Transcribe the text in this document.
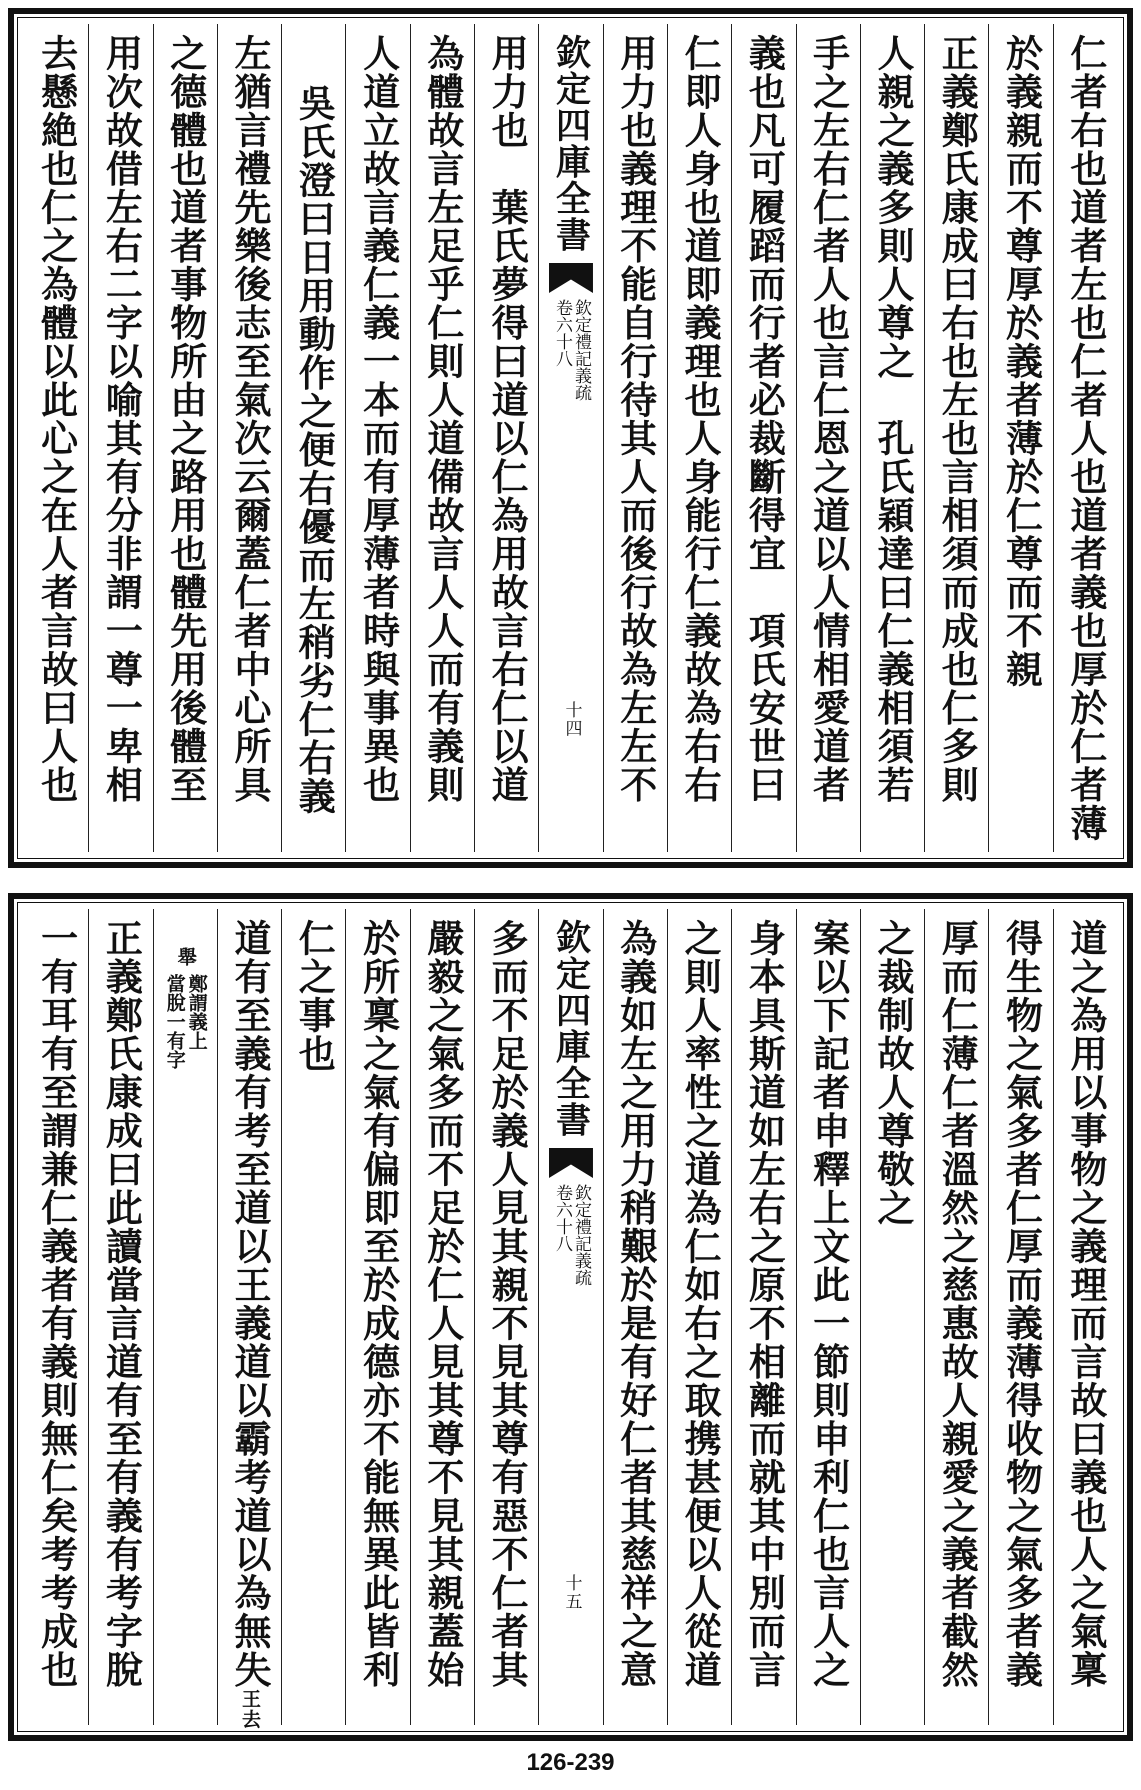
仁者右也道者左也仁者人也道者義也厚於仁者薄
於義親而不尊厚於義者薄於仁尊而不親
正義鄭氏康成曰右也左也言相須而成也仁多則
人親之義多則人尊之　孔氏穎達曰仁義相須若
手之左右仁者人也言仁恩之道以人情相愛道者
義也凡可履蹈而行者必裁斷得宜　項氏安世曰
仁即人身也道即義理也人身能行仁義故為右右
用力也義理不能自行待其人而後行故為左左不
欽定四庫全書
欽定禮記義疏
卷六十八
十四
用力也　葉氏夢得曰道以仁為用故言右仁以道
為體故言左足乎仁則人道備故言人人而有義則
人道立故言義仁義一本而有厚薄者時與事異也
吳氏澄曰日用動作之便右優而左稍劣仁右義
左猶言禮先樂後志至氣次云爾蓋仁者中心所具
之德體也道者事物所由之路用也體先用後體至
用次故借左右二字以喻其有分非謂一尊一卑相
去懸絶也仁之為體以此心之在人者言故曰人也
道之為用以事物之義理而言故曰義也人之氣稟
得生物之氣多者仁厚而義薄得收物之氣多者義
厚而仁薄仁者溫然之慈惠故人親愛之義者截然
之裁制故人尊敬之
案以下記者申釋上文此一節則申利仁也言人之
身本具斯道如左右之原不相離而就其中別而言
之則人率性之道為仁如右之取携甚便以人從道
為義如左之用力稍艱於是有好仁者其慈祥之意
欽定四庫全書
欽定禮記義疏
卷六十八
十五
多而不足於義人見其親不見其尊有惡不仁者其
嚴毅之氣多而不足於仁人見其尊不見其親蓋始
於所稟之氣有偏即至於成德亦不能無異此皆利
仁之事也
道有至義有考至道以王義道以霸考道以為無失
王去
舉
鄭謂義上
當脫一有字
正義鄭氏康成曰此讀當言道有至有義有考字脫
一有耳有至謂兼仁義者有義則無仁矣考考成也
126-239
